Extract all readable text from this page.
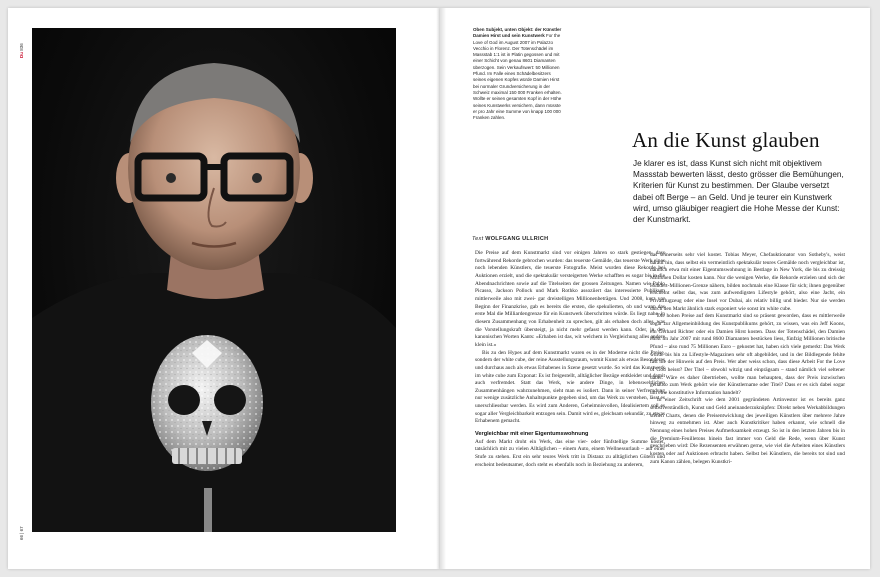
Du 836
66 | 67
Oben Subjekt, unten Objekt: der Künstler Damien Hirst und sein Kunstwerk For the Love of God im August 2007 im Palazzo Vecchio in Florenz. Der Totenschädel im Massstab 1:1 ist in Platin gegossen und mit einer Schicht von genau 8601 Diamanten überzogen. Sein Verkaufswert: 50 Millionen Pfund. Im Falle eines Schädelbesitzers seines eigenen Kopfes würde Damien Hirst bei normaler Grundversicherung in der Schweiz maximal 150 000 Franken erhalten. Wollte er seinen gesamten Kopf in der Höhe seines Kunstwerks versichern, dann müsste er pro Jahr eine Summe von knapp 100 000 Franken zahlen.
An die Kunst glauben
Je klarer es ist, dass Kunst sich nicht mit objektivem Massstab bewerten lässt, desto grösser die Bemühungen, Kriterien für Kunst zu bestimmen. Der Glaube versetzt dabei oft Berge – an Geld. Und je teurer ein Kunstwerk wird, umso gläubiger reagiert die Hohe Messe der Kunst: der Kunstmarkt.
Text WOLFGANG ULLRICH

Die Preise auf dem Kunstmarkt sind vor einigen Jahren so stark gestiegen, dass fortwährend Rekorde gebrochen wurden: das teuerste Gemälde, das teuerste Werk eines noch lebenden Künstlers, die teuerste Fotografie. Meist wurden diese Rekorde bei Auktionen erzielt, und die spektakulär versteigerten Werke schafften es sogar bis in die Abendnachrichten sowie auf die Titelseiten der grossen Zeitungen. Namen wie Pablo Picasso, Jackson Pollock und Mark Rothko assoziiert das interessierte Publikum mittlerweile also mit zwei- gar dreistelligen Millionenbeträgen. Und 2008, kurz vor Beginn der Finanzkrise, gab es bereits die ersten, die spekulierten, ob und wann das erste Mal die Milliardengrenze für ein Kunstwerk überschritten würde. Es liegt nahe, in diesem Zusammenhang von Erhabenheit zu sprechen, gilt als erhaben doch alles, was die Vorstellungskraft übersteigt, ja nicht mehr gefasst werden kann. Oder, in den kanonischen Worten Kants: «Erhaben ist das, wit welchem in Vergleichung alles andere klein ist.»

Bis zu den Hypes auf dem Kunstmarkt waren es in der Moderne nicht die Preise, sondern der white cube, der reine Ausstellungsraum, womit Kunst als etwas Besonderes und durchaus auch als etwas Erhabenes in Szene gesetzt wurde. So wird das Kunstwerk im white cube zum Exponat: Es ist freigestellt, alltäglicher Bezüge entkleidet und damit auch verfremdet. Statt das Werk, wie andere Dinge, in lebensweltlichen Zusammenhängen wahrzunehmen, sieht man es isoliert. Dann in seiner Verfremdung nur wenige zusätzliche Anhaltspunkte gegeben sind, um das Werk zu verstehen, lässt es unerschliessbar werden. Es wird zum Anderen, Geheimnisvollen, Idealisiertem soll es sogar aller Vergleichbarkeit entzogen sein. Damit wird es, gleichsam sekundär, zu etwas Erhabenem gemacht.

Vergleichbar mit einer Eigentumswohnung

Auf dem Markt droht ein Werk, das eine vier- oder fünfstellige Summe kostet, tatsächlich mit zu vielen Alltäglichen – einem Auto, einem Wellnessurlaub – auf einer Stufe zu stehen. Erst ein sehr teures Werk tritt in Distanz zu alltäglichen Gütern und erscheint bedeutsamer, doch steht es ebenfalls noch in Beziehung zu anderem,

das seinerseits sehr viel kostet. Tobias Meyer, Chefauktionator von Sotheby's, weist darauf hin, dass selbst ein vermeintlich spektakulär teures Gemälde noch vergleichbar ist, nämlich etwa mit einer Eigentumswohnung in Bestlage in New York, die bis zu dreissig Millionen Dollar kosten kann. Nur die wenigen Werke, die Rekorde erzielen und sich der Hundert-Millionen-Grenze nähern, bilden nochmals eine Klasse für sich; ihnen gegenüber erscheint selbst das, was zum aufwendigsten Lifestyle gehört, also eine Jacht, ein Privatflugzeug oder eine Insel vor Dubai, als relativ billig und bieder. Nur sie werden durch den Markt ähnlich stark exponiert wie sonst im white cube.

Die hohen Preise auf dem Kunstmarkt sind so präsent geworden, dass es mittlerweile sogar zur Allgemeinbildung des Kunstpublikums gehört, zu wissen, was ein Jeff Koons, ein Gerhard Richter oder ein Damien Hirst kosten. Dass der Totenschädel, den Damien Hirst im Jahr 2007 mit rund 8600 Diamanten bestücken liess, fünfzig Millionen britische Pfund – also rund 75 Millionen Euro – gekostet hat, haben sich viele gemerkt: Das Werk wurde bis hin zu Lifestyle-Magazinen sehr oft abgebildet, und in der Bildlegende fehlte fast nie der Hinweis auf den Preis. Wer aber weiss schon, dass diese Arbeit For the Love of God heisst? Der Titel – obwohl witzig und einprägsam – stand nämlich viel seltener dabei. Wäre es daher übertrieben, wollte man behaupten, dass der Preis inzwischen genauso zum Werk gehört wie der Künstlername oder Titel? Dass er es sich dabei sogar um eine konstitutive Information handelt?

In einer Zeitschrift wie dem 2001 gegründeten Artinvestor ist es bereits ganz selbstverständlich, Kunst und Geld aneinanderzuknüpfen: Direkt neben Werkabbildungen stehen Charts, denen die Preisentwicklung des jeweiligen Künstlers über mehrere Jahre hinweg zu entnehmen ist. Aber auch Kunstkritiker haben erkannt, wie schnell die Nennung eines hohen Preises Aufmerksamkeit erzeugt. So ist in den letzten Jahren bis in die Premium-Feuilletons hinein fast immer von Geld die Rede, wenn über Kunst geschrieben wird: Die Rezensenten erwähnen gerne, wie viel die Arbeiten eines Künstlers kosten oder auf Auktionen erbracht haben. Selbst bei Künstlern, die bereits tot sind und zum Kanon zählen, belegen Kunstkri-
